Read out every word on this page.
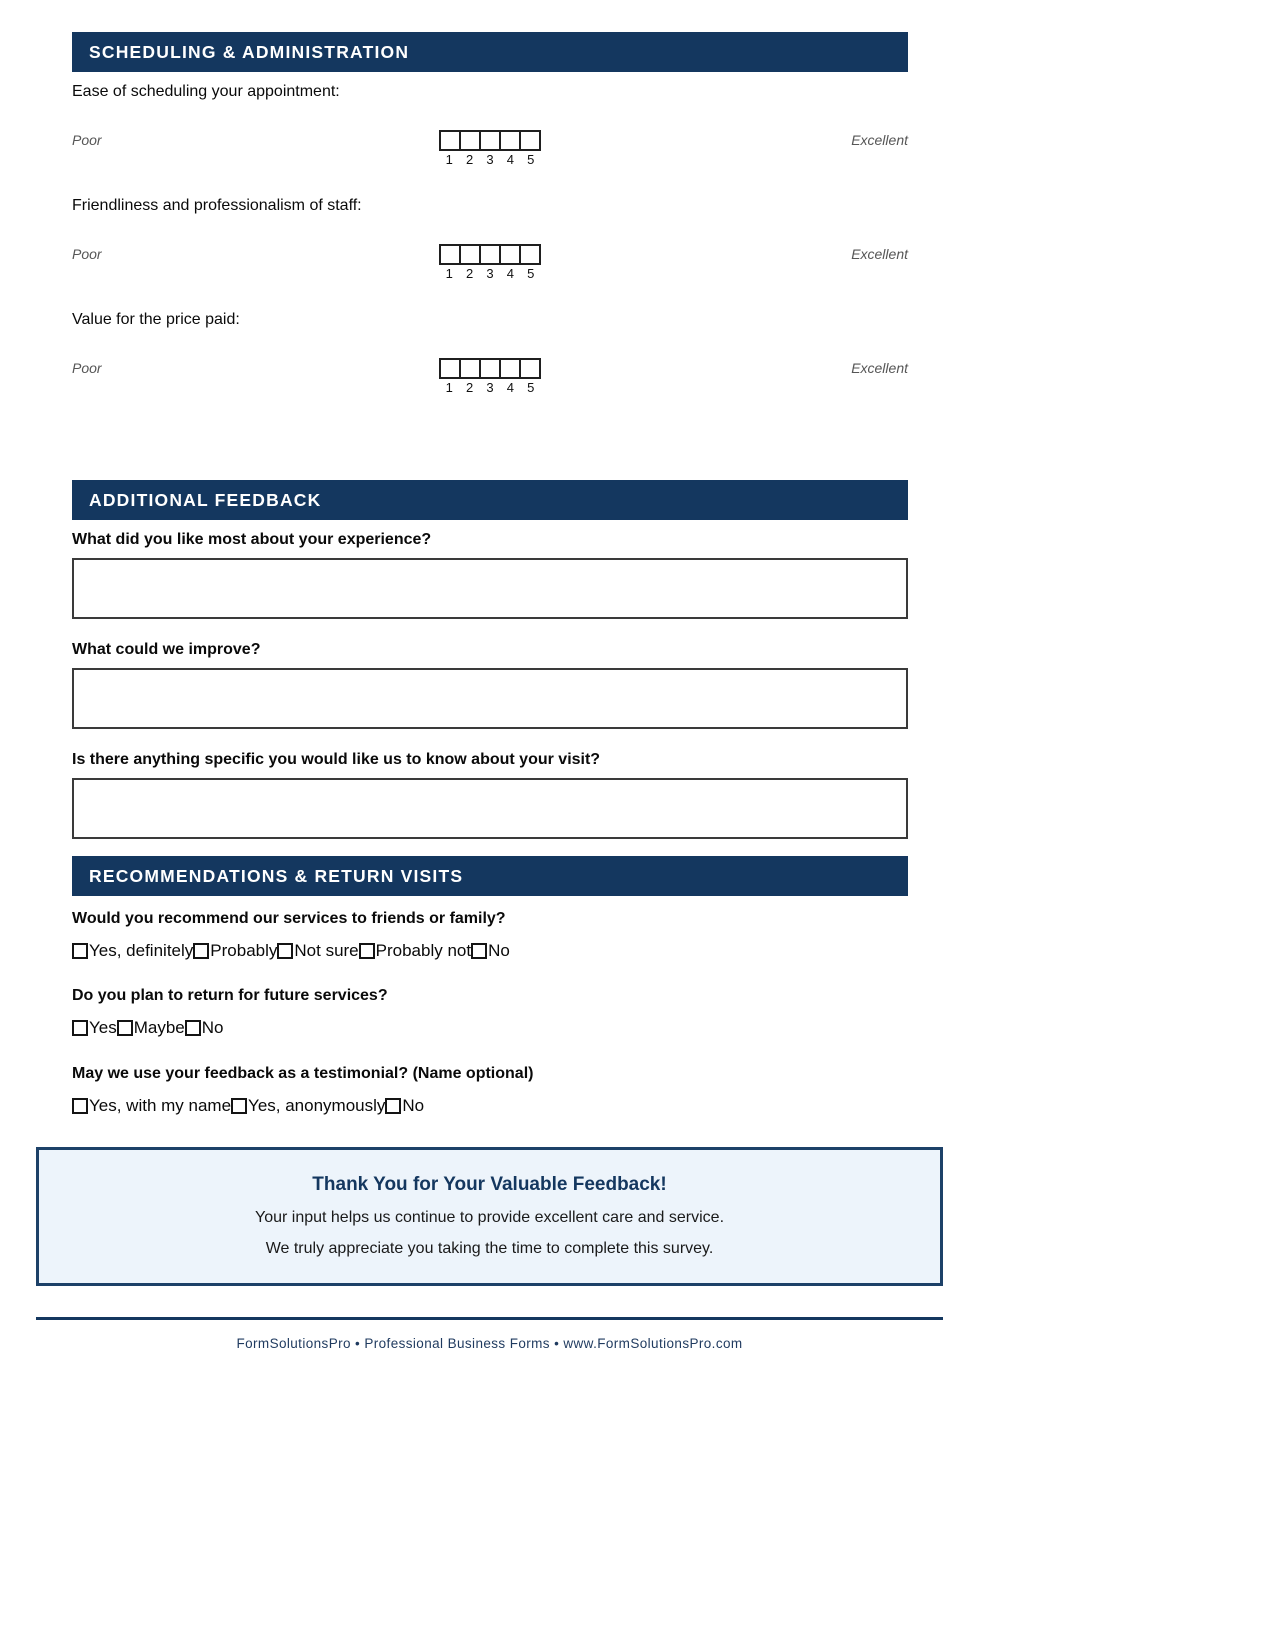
SCHEDULING & ADMINISTRATION
Ease of scheduling your appointment:
Poor
1	2	3	4	5
Excellent
Friendliness and professionalism of staff:
Poor
1	2	3	4	5
Excellent
Value for the price paid:
Poor
1	2	3	4	5
Excellent
ADDITIONAL FEEDBACK
What did you like most about your experience?
What could we improve?
Is there anything specific you would like us to know about your visit?
RECOMMENDATIONS & RETURN VISITS
Would you recommend our services to friends or family?
Yes, definitely Probably Not sure Probably not No
Do you plan to return for future services?
Yes Maybe No
May we use your feedback as a testimonial? (Name optional)
Yes, with my name Yes, anonymously No
Thank You for Your Valuable Feedback!
Your input helps us continue to provide excellent care and service.
We truly appreciate you taking the time to complete this survey.
FormSolutionsPro • Professional Business Forms • www.FormSolutionsPro.com
